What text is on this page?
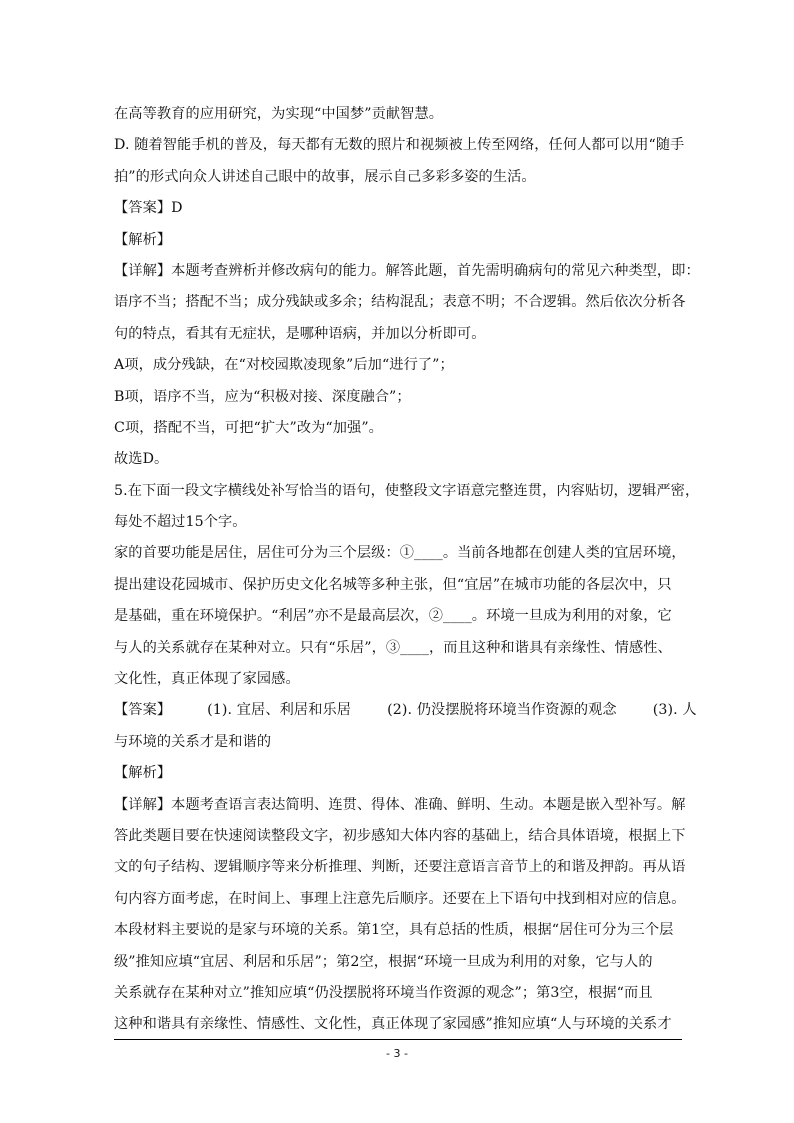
在高等教育的应用研究，为实现“中国梦”贡献智慧。
D. 随着智能手机的普及，每天都有无数的照片和视频被上传至网络，任何人都可以用“随手
拍”的形式向众人讲述自己眼中的故事，展示自己多彩多姿的生活。
【答案】D
【解析】
【详解】本题考查辨析并修改病句的能力。解答此题，首先需明确病句的常见六种类型，即：
语序不当；搭配不当；成分残缺或多余；结构混乱；表意不明；不合逻辑。然后依次分析各
句的特点，看其有无症状，是哪种语病，并加以分析即可。
A项，成分残缺，在“对校园欺凌现象”后加“进行了”；
B项，语序不当，应为“积极对接、深度融合”；
C项，搭配不当，可把“扩大”改为“加强”。
故选D。
5.在下面一段文字横线处补写恰当的语句，使整段文字语意完整连贯，内容贴切，逻辑严密，
每处不超过15个字。
家的首要功能是居住，居住可分为三个层级：①____。当前各地都在创建人类的宜居环境，
提出建设花园城市、保护历史文化名城等多种主张，但“宜居”在城市功能的各层次中，只
是基础，重在环境保护。“利居”亦不是最高层次，②____。环境一旦成为利用的对象，它
与人的关系就存在某种对立。只有“乐居”，③____，而且这种和谐具有亲缘性、情感性、
文化性，真正体现了家园感。
【答案】	(1). 宜居、利居和乐居	(2). 仍没摆脱将环境当作资源的观念	(3). 人
与环境的关系才是和谐的
【解析】
【详解】本题考查语言表达简明、连贯、得体、准确、鲜明、生动。本题是嵌入型补写。解
答此类题目要在快速阅读整段文字，初步感知大体内容的基础上，结合具体语境，根据上下
文的句子结构、逻辑顺序等来分析推理、判断，还要注意语言音节上的和谐及押韵。再从语
句内容方面考虑，在时间上、事理上注意先后顺序。还要在上下语句中找到相对应的信息。
本段材料主要说的是家与环境的关系。第1空，具有总括的性质，根据“居住可分为三个层
级”推知应填“宜居、利居和乐居”；第2空，根据“环境一旦成为利用的对象，它与人的
关系就存在某种对立”推知应填“仍没摆脱将环境当作资源的观念”；第3空，根据“而且
这种和谐具有亲缘性、情感性、文化性，真正体现了家园感”推知应填“人与环境的关系才
- 3 -
